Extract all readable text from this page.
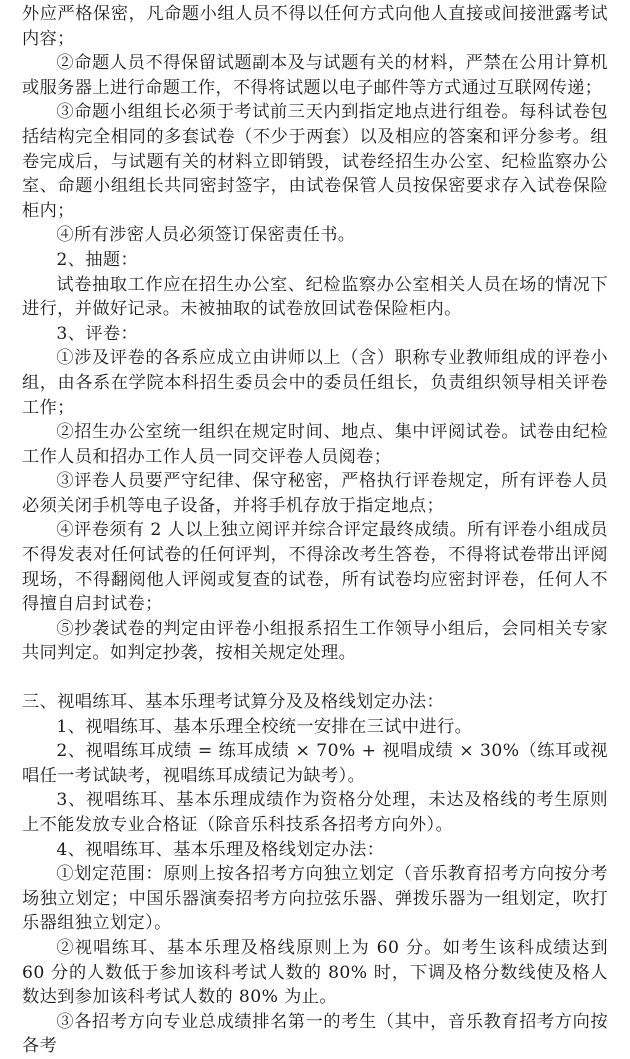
外应严格保密，凡命题小组人员不得以任何方式向他人直接或间接泄露考试内容；

②命题人员不得保留试题副本及与试题有关的材料，严禁在公用计算机或服务器上进行命题工作，不得将试题以电子邮件等方式通过互联网传递；

③命题小组组长必须于考试前三天内到指定地点进行组卷。每科试卷包括结构完全相同的多套试卷（不少于两套）以及相应的答案和评分参考。组卷完成后，与试题有关的材料立即销毁，试卷经招生办公室、纪检监察办公室、命题小组组长共同密封签字，由试卷保管人员按保密要求存入试卷保险柜内；

④所有涉密人员必须签订保密责任书。

2、抽题：

试卷抽取工作应在招生办公室、纪检监察办公室相关人员在场的情况下进行，并做好记录。未被抽取的试卷放回试卷保险柜内。

3、评卷：

①涉及评卷的各系应成立由讲师以上（含）职称专业教师组成的评卷小组，由各系在学院本科招生委员会中的委员任组长，负责组织领导相关评卷工作；

②招生办公室统一组织在规定时间、地点、集中评阅试卷。试卷由纪检工作人员和招办工作人员一同交评卷人员阅卷；

③评卷人员要严守纪律、保守秘密，严格执行评卷规定，所有评卷人员必须关闭手机等电子设备，并将手机存放于指定地点；

④评卷须有 2 人以上独立阅评并综合评定最终成绩。所有评卷小组成员不得发表对任何试卷的任何评判，不得涂改考生答卷，不得将试卷带出评阅现场，不得翻阅他人评阅或复查的试卷，所有试卷均应密封评卷，任何人不得擅自启封试卷；

⑤抄袭试卷的判定由评卷小组报系招生工作领导小组后，会同相关专家共同判定。如判定抄袭，按相关规定处理。

三、视唱练耳、基本乐理考试算分及及格线划定办法：

1、视唱练耳、基本乐理全校统一安排在三试中进行。

2、视唱练耳成绩 = 练耳成绩 × 70% + 视唱成绩 × 30%（练耳或视唱任一考试缺考，视唱练耳成绩记为缺考）。

3、视唱练耳、基本乐理成绩作为资格分处理，未达及格线的考生原则上不能发放专业合格证（除音乐科技系各招考方向外）。

4、视唱练耳、基本乐理及格线划定办法：

①划定范围：原则上按各招考方向独立划定（音乐教育招考方向按分考场独立划定；中国乐器演奏招考方向拉弦乐器、弹拨乐器为一组划定，吹打乐器组独立划定）。

②视唱练耳、基本乐理及格线原则上为 60 分。如考生该科成绩达到 60 分的人数低于参加该科考试人数的 80% 时，下调及格分数线使及格人数达到参加该科考试人数的 80% 为止。

③各招考方向专业总成绩排名第一的考生（其中，音乐教育招考方向按各考
